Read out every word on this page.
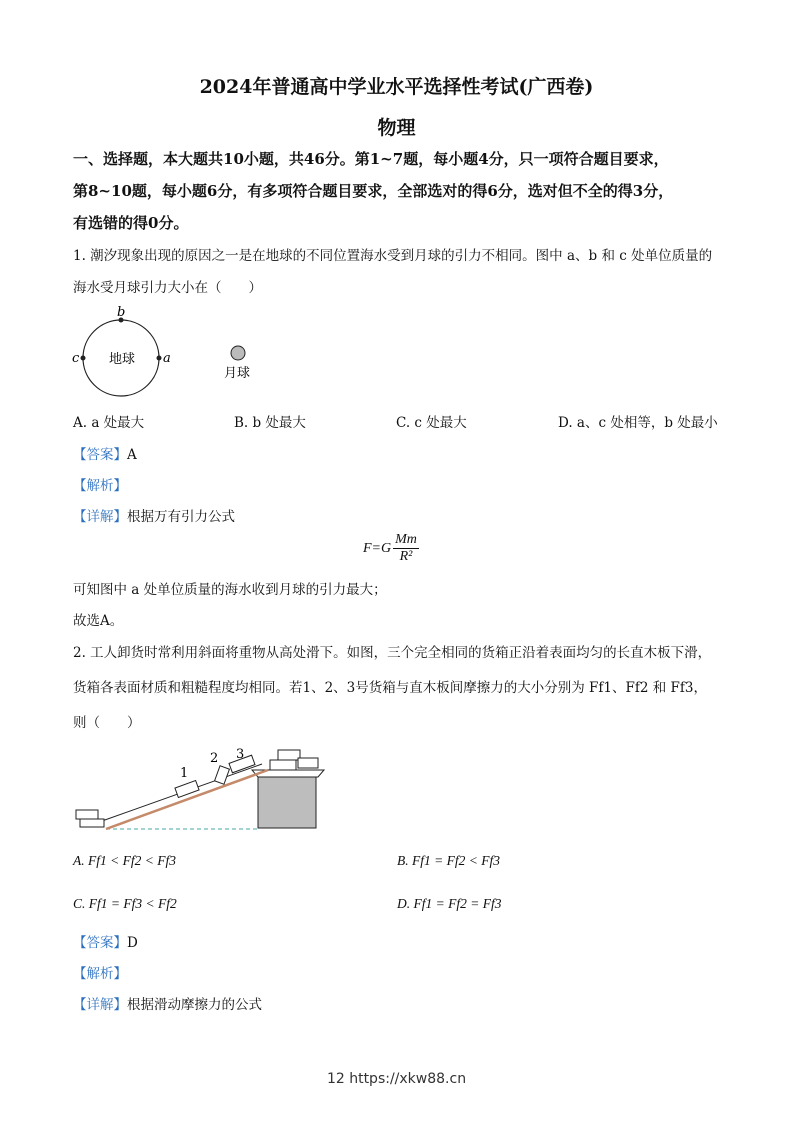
2024年普通高中学业水平选择性考试(广西卷)
物理
一、选择题，本大题共10小题，共46分。第1~7题，每小题4分，只一项符合题目要求，
第8~10题，每小题6分，有多项符合题目要求，全部选对的得6分，选对但不全的得3分，
有选错的得0分。
1. 潮汐现象出现的原因之一是在地球的不同位置海水受到月球的引力不相同。图中 a、b 和 c 处单位质量的
海水受月球引力大小在（　　）
地球
b
c	a
月球
A. a 处最大	B. b 处最大	C. c 处最大	D. a、c 处相等，b 处最小
【答案】A
【解析】
【详解】根据万有引力公式
F=G
Mm
R²
可知图中 a 处单位质量的海水收到月球的引力最大；
故选A。
2. 工人卸货时常利用斜面将重物从高处滑下。如图，三个完全相同的货箱正沿着表面均匀的长直木板下滑，
货箱各表面材质和粗糙程度均相同。若1、2、3号货箱与直木板间摩擦力的大小分别为 Ff1、Ff2 和 Ff3，
则（　　）
1
2 3
A. Ff1 < Ff2 < Ff3	B. Ff1 = Ff2 < Ff3
C. Ff1 = Ff3 < Ff2	D. Ff1 = Ff2 = Ff3
【答案】D
【解析】
【详解】根据滑动摩擦力的公式
12 https://xkw88.cn
